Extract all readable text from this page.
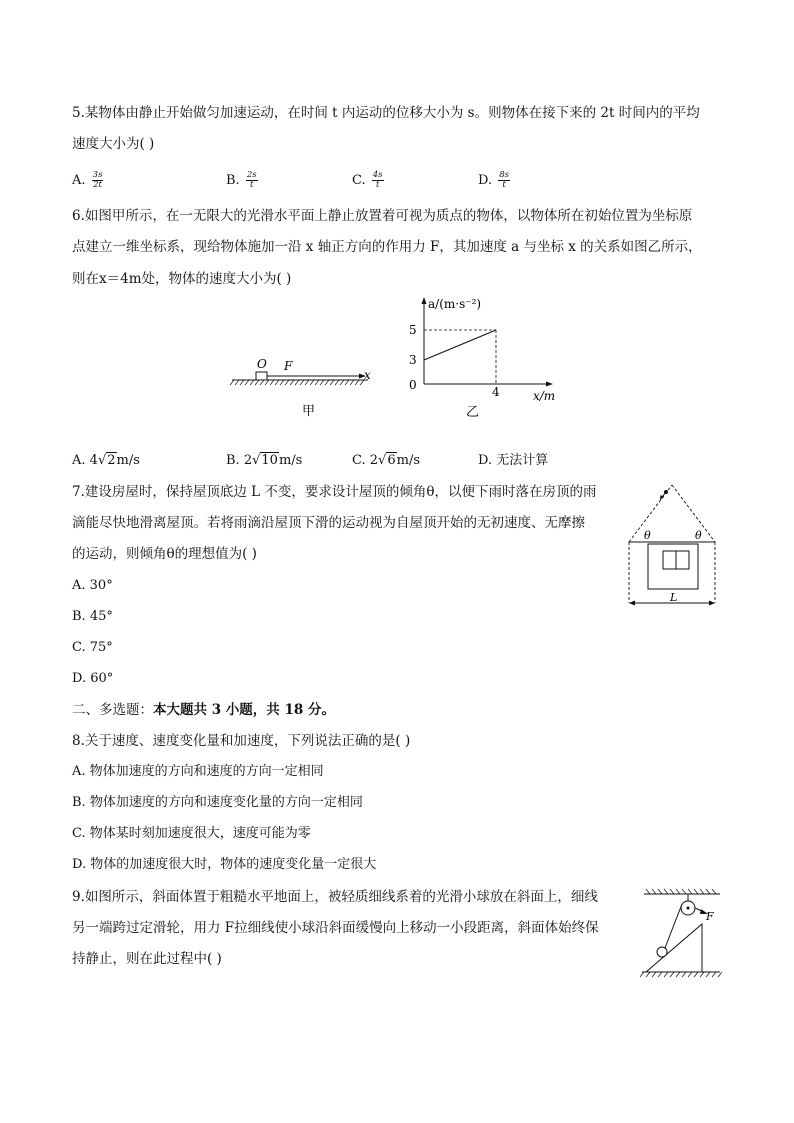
5.某物体由静止开始做匀加速运动，在时间 t 内运动的位移大小为 s。则物体在接下来的 2t 时间内的平均
速度大小为( )
A. $\frac{3s}{2t}$	B. $\frac{2s}{t}$	C. $\frac{4s}{t}$	D. $\frac{8s}{t}$
6.如图甲所示，在一无限大的光滑水平面上静止放置着可视为质点的物体，以物体所在初始位置为坐标原
点建立一维坐标系，现给物体施加一沿 x 轴正方向的作用力 F，其加速度 a 与坐标 x 的关系如图乙所示，
则在x＝4m处，物体的速度大小为( )
O F
x
甲
a/(m·s⁻²)
5
3
0	4	x/m
乙
A. 4√2m/s	B. 2√10m/s	C. 2√6m/s	D. 无法计算
7.建设房屋时，保持屋顶底边 L 不变，要求设计屋顶的倾角θ，以便下雨时落在房顶的雨
滴能尽快地滑离屋顶。若将雨滴沿屋顶下滑的运动视为自屋顶开始的无初速度、无摩擦
的运动，则倾角θ的理想值为( )
A. 30°
B. 45°
C. 75°
D. 60°
θ	θ
L
二、多选题：本大题共 3 小题，共 18 分。
8.关于速度、速度变化量和加速度，下列说法正确的是( )
A. 物体加速度的方向和速度的方向一定相同
B. 物体加速度的方向和速度变化量的方向一定相同
C. 物体某时刻加速度很大，速度可能为零
D. 物体的加速度很大时，物体的速度变化量一定很大
9.如图所示，斜面体置于粗糙水平地面上，被轻质细线系着的光滑小球放在斜面上，细线
另一端跨过定滑轮，用力 F拉细线使小球沿斜面缓慢向上移动一小段距离，斜面体始终保
持静止，则在此过程中( )
F
